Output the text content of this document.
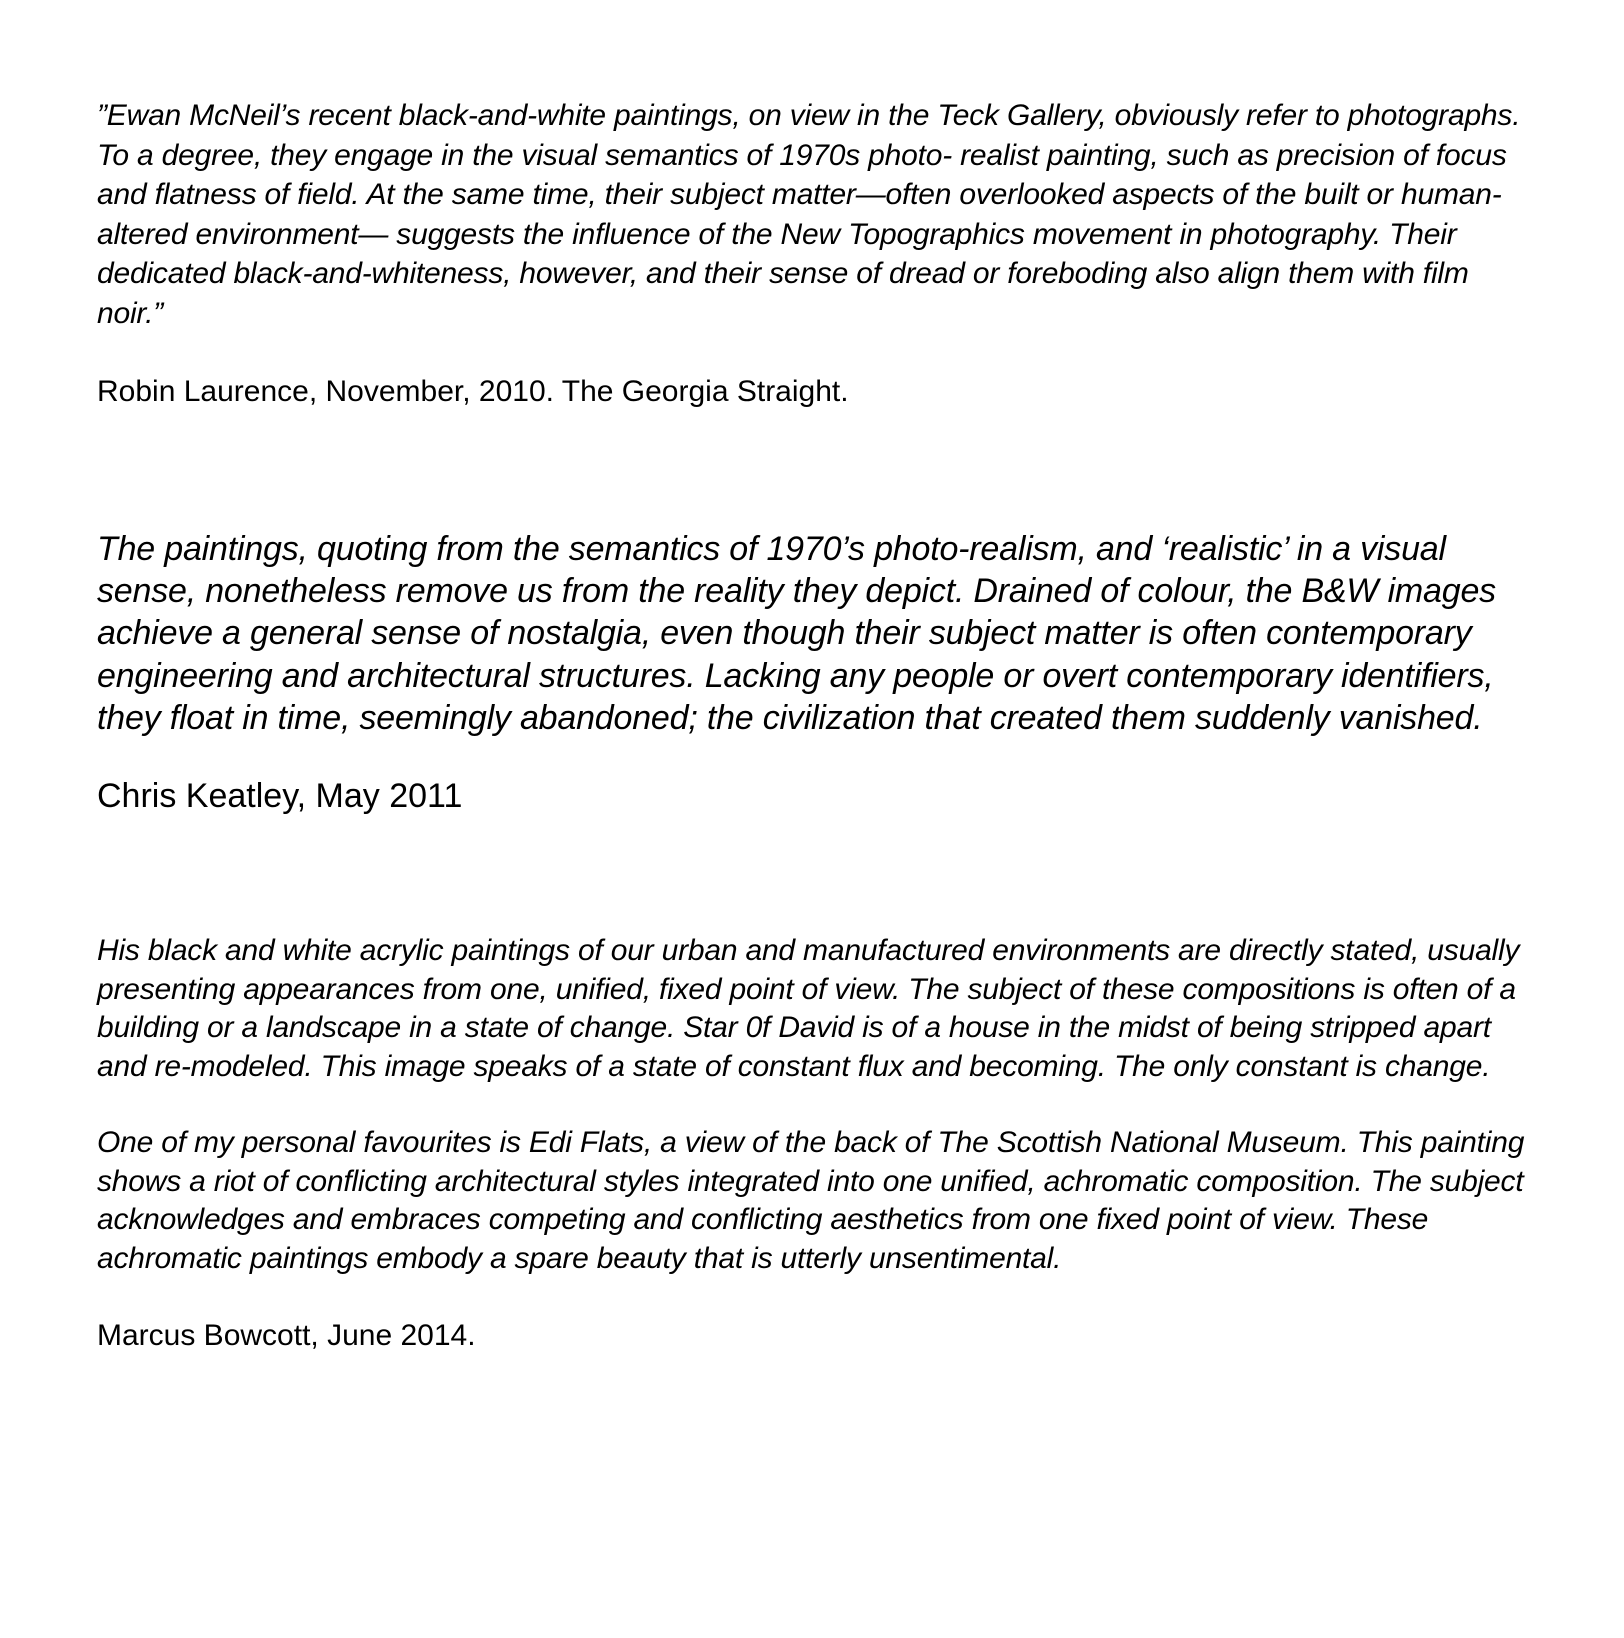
”Ewan McNeil’s recent black-and-white paintings, on view in the Teck Gallery, obviously refer to photographs. To a degree, they engage in the visual semantics of 1970s photo- realist painting, such as precision of focus and flatness of field. At the same time, their subject matter—often overlooked aspects of the built or human-altered environment— suggests the influence of the New Topographics movement in photography. Their dedicated black-and-whiteness, however, and their sense of dread or foreboding also align them with film noir.”

Robin Laurence, November, 2010. The Georgia Straight.

The paintings, quoting from the semantics of 1970’s photo-realism, and ‘realistic’ in a visual sense, nonetheless remove us from the reality they depict. Drained of colour, the B&W images achieve a general sense of nostalgia, even though their subject matter is often contemporary engineering and architectural structures. Lacking any people or overt contemporary identifiers, they float in time, seemingly abandoned; the civilization that created them suddenly vanished.

Chris Keatley, May 2011

His black and white acrylic paintings of our urban and manufactured environments are directly stated, usually presenting appearances from one, unified, fixed point of view. The subject of these compositions is often of a building or a landscape in a state of change. Star 0f David is of a house in the midst of being stripped apart and re-modeled. This image speaks of a state of constant flux and becoming. The only constant is change.

One of my personal favourites is Edi Flats, a view of the back of The Scottish National Museum. This painting shows a riot of conflicting architectural styles integrated into one unified, achromatic composition. The subject acknowledges and embraces competing and conflicting aesthetics from one fixed point of view. These achromatic paintings embody a spare beauty that is utterly unsentimental.

Marcus Bowcott, June 2014.
